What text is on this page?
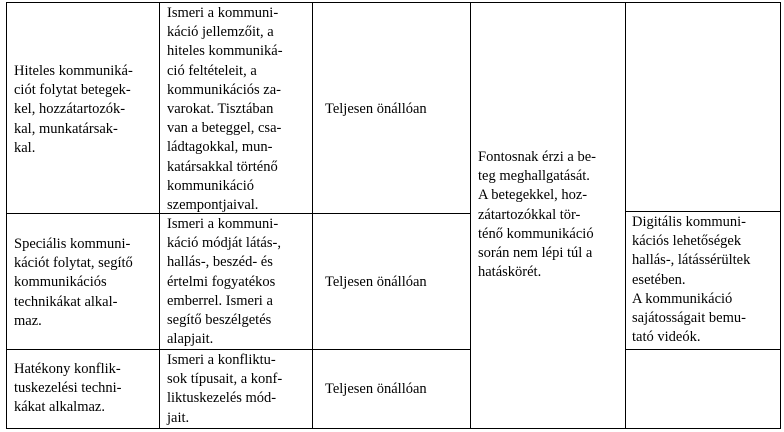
Hiteles kommuniká-
ciót folytat betegek-
kel, hozzátartozók-
kal, munkatársak-
kal.
Ismeri a kommuni-
káció jellemzőit, a
hiteles kommuniká-
ció feltételeit, a
kommunikációs za-
varokat. Tisztában
van a beteggel, csa-
ládtagokkal, mun-
katársakkal történő
kommunikáció
szempontjaival.
Teljesen önállóan
Speciális kommuni-
kációt folytat, segítő
kommunikációs
technikákat alkal-
maz.
Ismeri a kommuni-
káció módját látás-,
hallás-, beszéd- és
értelmi fogyatékos
emberrel. Ismeri a
segítő beszélgetés
alapjait.
Teljesen önállóan
Hatékony konflik-
tuskezelési techni-
kákat alkalmaz.
Ismeri a konfliktu-
sok típusait, a konf-
liktuskezelés mód-
jait.
Teljesen önállóan
Fontosnak érzi a be-
teg meghallgatását.
A betegekkel, hoz-
zátartozókkal tör-
ténő kommunikáció
során nem lépi túl a
hatáskörét.
Digitális kommuni-
kációs lehetőségek
hallás-, látássérültek
esetében.
A kommunikáció
sajátosságait bemu-
tató videók.
